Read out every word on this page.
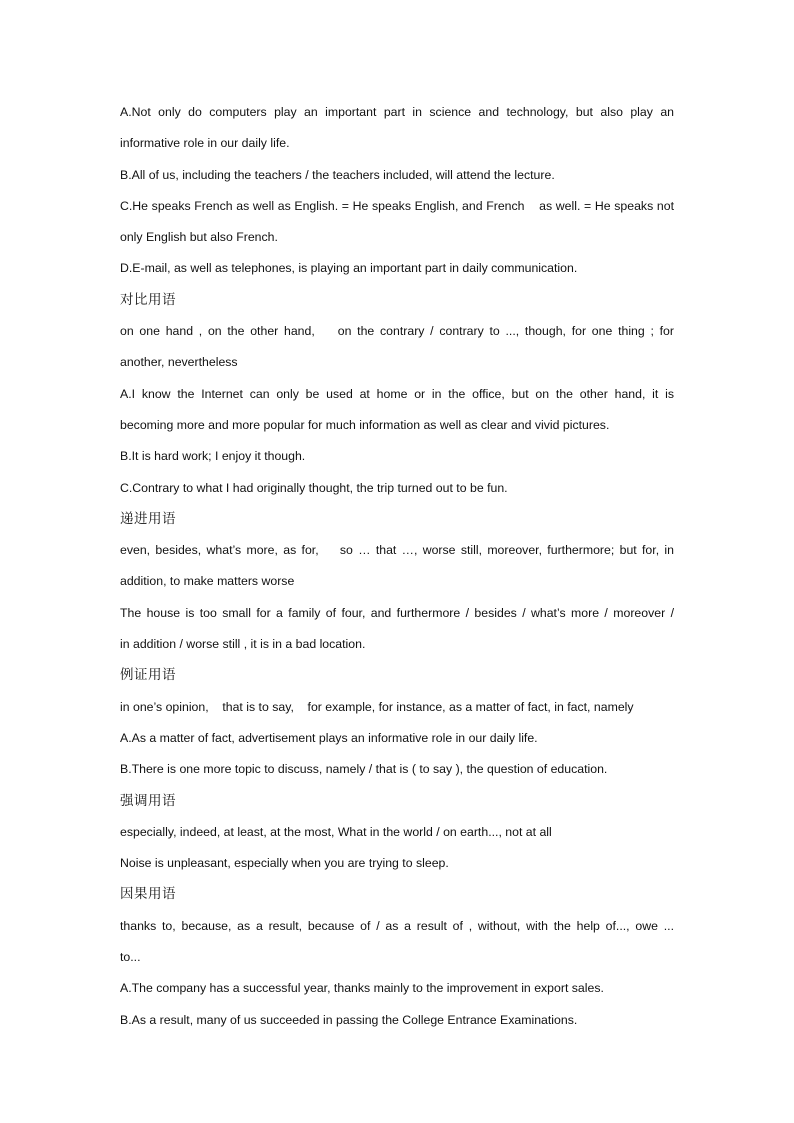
A.Not only do computers play an important part in science and technology, but also play an
informative role in our daily life.
B.All of us, including the teachers / the teachers included, will attend the lecture.
C.He speaks French as well as English. = He speaks English, and French    as well. = He speaks not
only English but also French.
D.E-mail, as well as telephones, is playing an important part in daily communication.
对比用语
on one hand , on the other hand,    on the contrary / contrary to ..., though, for one thing ; for
another, nevertheless
A.I know the Internet can only be used at home or in the office, but on the other hand, it is
becoming more and more popular for much information as well as clear and vivid pictures.
B.It is hard work; I enjoy it though.
C.Contrary to what I had originally thought, the trip turned out to be fun.
递进用语
even, besides, what’s more, as for,    so … that …, worse still, moreover, furthermore; but for, in
addition, to make matters worse
The house is too small for a family of four, and furthermore / besides / what’s more / moreover /
in addition / worse still , it is in a bad location.
例证用语
in one’s opinion,    that is to say,    for example, for instance, as a matter of fact, in fact, namely
A.As a matter of fact, advertisement plays an informative role in our daily life.
B.There is one more topic to discuss, namely / that is ( to say ), the question of education.
强调用语
especially, indeed, at least, at the most, What in the world / on earth..., not at all
Noise is unpleasant, especially when you are trying to sleep.
因果用语
thanks to, because, as a result, because of / as a result of , without, with the help of..., owe ...
to...
A.The company has a successful year, thanks mainly to the improvement in export sales.
B.As a result, many of us succeeded in passing the College Entrance Examinations.
